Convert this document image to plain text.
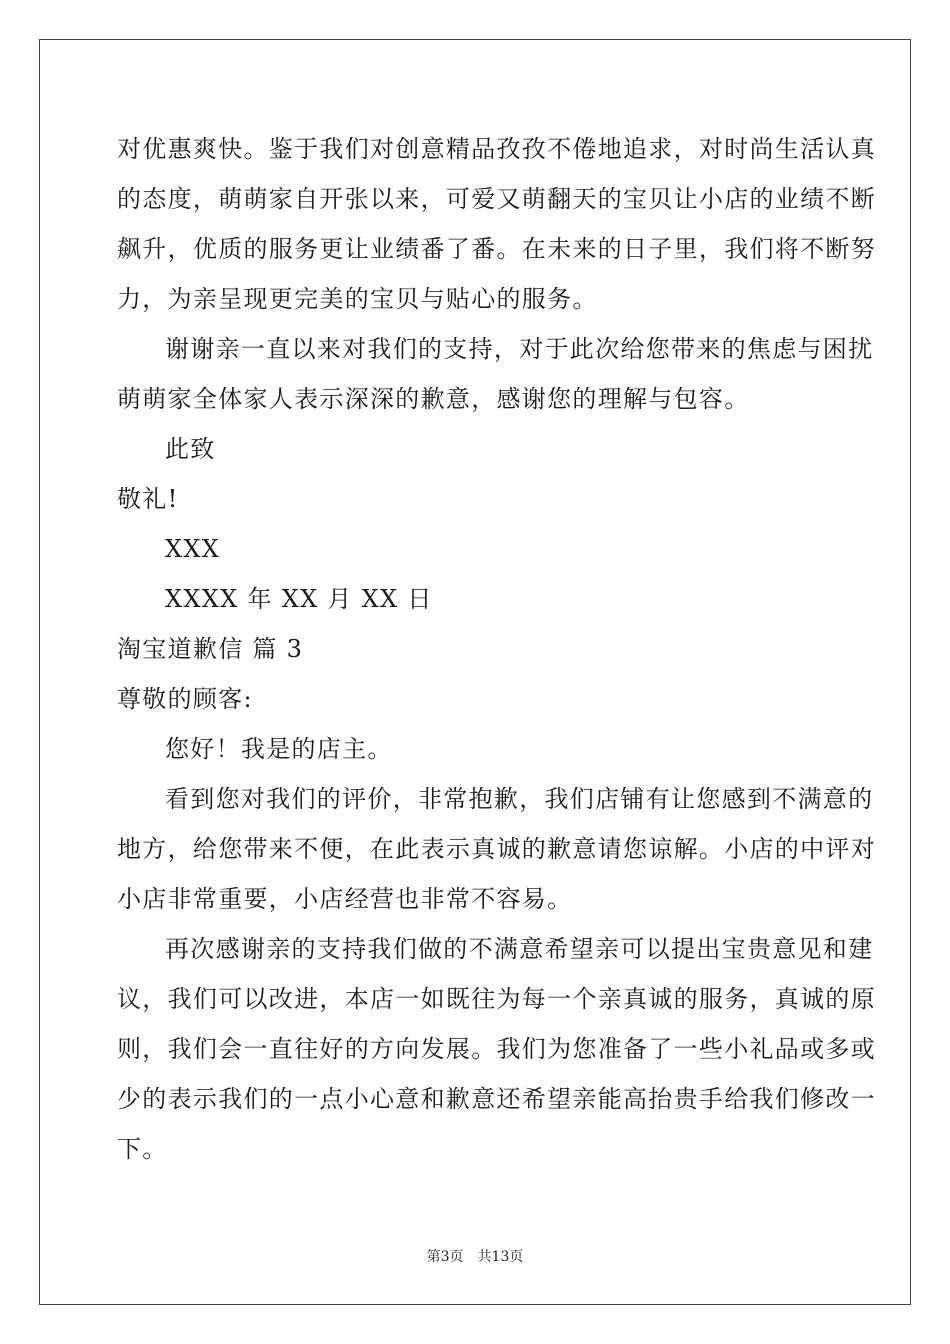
对优惠爽快。鉴于我们对创意精品孜孜不倦地追求，对时尚生活认真
的态度，萌萌家自开张以来，可爱又萌翻天的宝贝让小店的业绩不断
飙升，优质的服务更让业绩番了番。在未来的日子里，我们将不断努
力，为亲呈现更完美的宝贝与贴心的服务。
谢谢亲一直以来对我们的支持，对于此次给您带来的焦虑与困扰
萌萌家全体家人表示深深的歉意，感谢您的理解与包容。
此致
敬礼!
XXX
XXXX 年 XX 月 XX 日
淘宝道歉信 篇 3
尊敬的顾客:
您好！我是的店主。
看到您对我们的评价，非常抱歉，我们店铺有让您感到不满意的
地方，给您带来不便，在此表示真诚的歉意请您谅解。小店的中评对
小店非常重要，小店经营也非常不容易。
再次感谢亲的支持我们做的不满意希望亲可以提出宝贵意见和建
议，我们可以改进，本店一如既往为每一个亲真诚的服务，真诚的原
则，我们会一直往好的方向发展。我们为您准备了一些小礼品或多或
少的表示我们的一点小心意和歉意还希望亲能高抬贵手给我们修改一
下。
第3页 共13页
